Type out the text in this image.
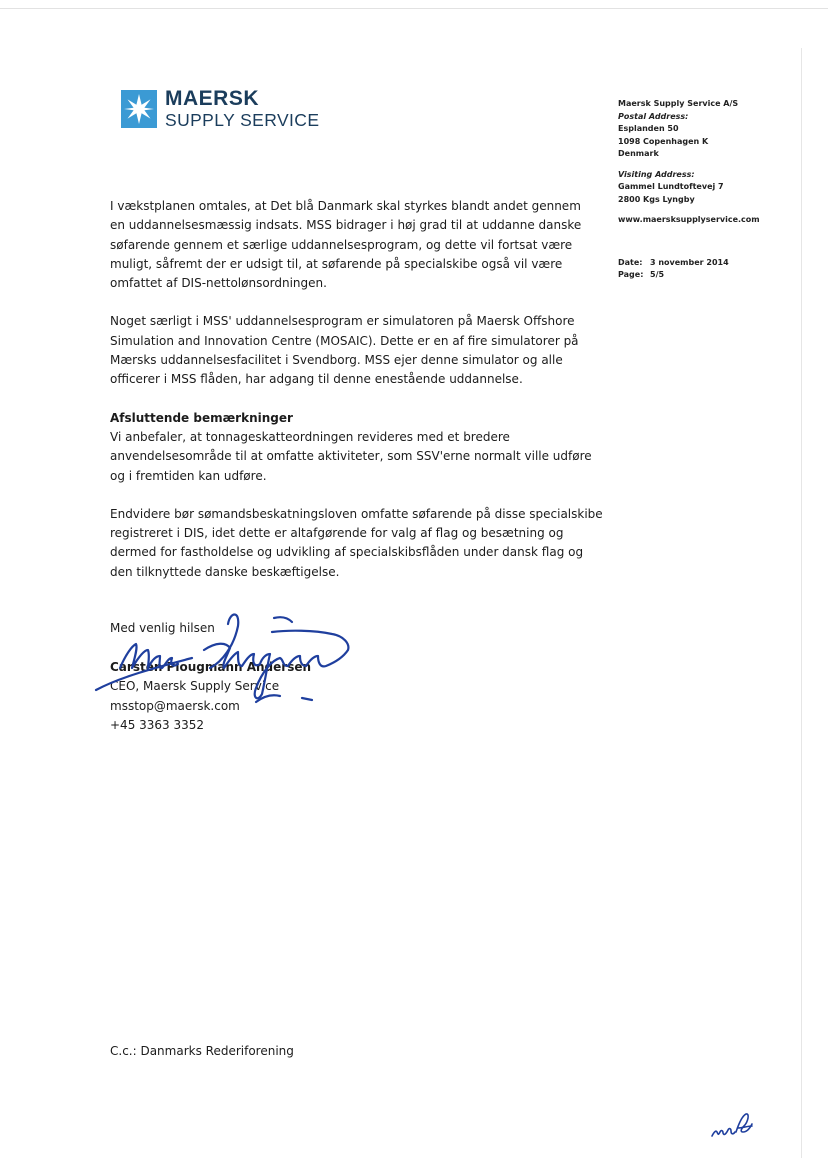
MAERSK
SUPPLY SERVICE
Maersk Supply Service A/S
Postal Address:
Esplanden 50
1098 Copenhagen K
Denmark
Visiting Address:
Gammel Lundtoftevej 7
2800 Kgs Lyngby
www.maersksupplyservice.com
Date: 3 november 2014
Page: 5/5

I vækstplanen omtales, at Det blå Danmark skal styrkes blandt andet gennem
en uddannelsesmæssig indsats. MSS bidrager i høj grad til at uddanne danske
søfarende gennem et særlige uddannelsesprogram, og dette vil fortsat være
muligt, såfremt der er udsigt til, at søfarende på specialskibe også vil være
omfattet af DIS-nettolønsordningen.

Noget særligt i MSS' uddannelsesprogram er simulatoren på Maersk Offshore
Simulation and Innovation Centre (MOSAIC). Dette er en af fire simulatorer på
Mærsks uddannelsesfacilitet i Svendborg. MSS ejer denne simulator og alle
officerer i MSS flåden, har adgang til denne enestående uddannelse.

Afsluttende bemærkninger
Vi anbefaler, at tonnageskatteordningen revideres med et bredere
anvendelsesområde til at omfatte aktiviteter, som SSV'erne normalt ville udføre
og i fremtiden kan udføre.

Endvidere bør sømandsbeskatningsloven omfatte søfarende på disse specialskibe
registreret i DIS, idet dette er altafgørende for valg af flag og besætning og
dermed for fastholdelse og udvikling af specialskibsflåden under dansk flag og
den tilknyttede danske beskæftigelse.

Med venlig hilsen
Carsten Plougmann Andersen
CEO, Maersk Supply Service
msstop@maersk.com
+45 3363 3352
C.c.: Danmarks Rederiforening
